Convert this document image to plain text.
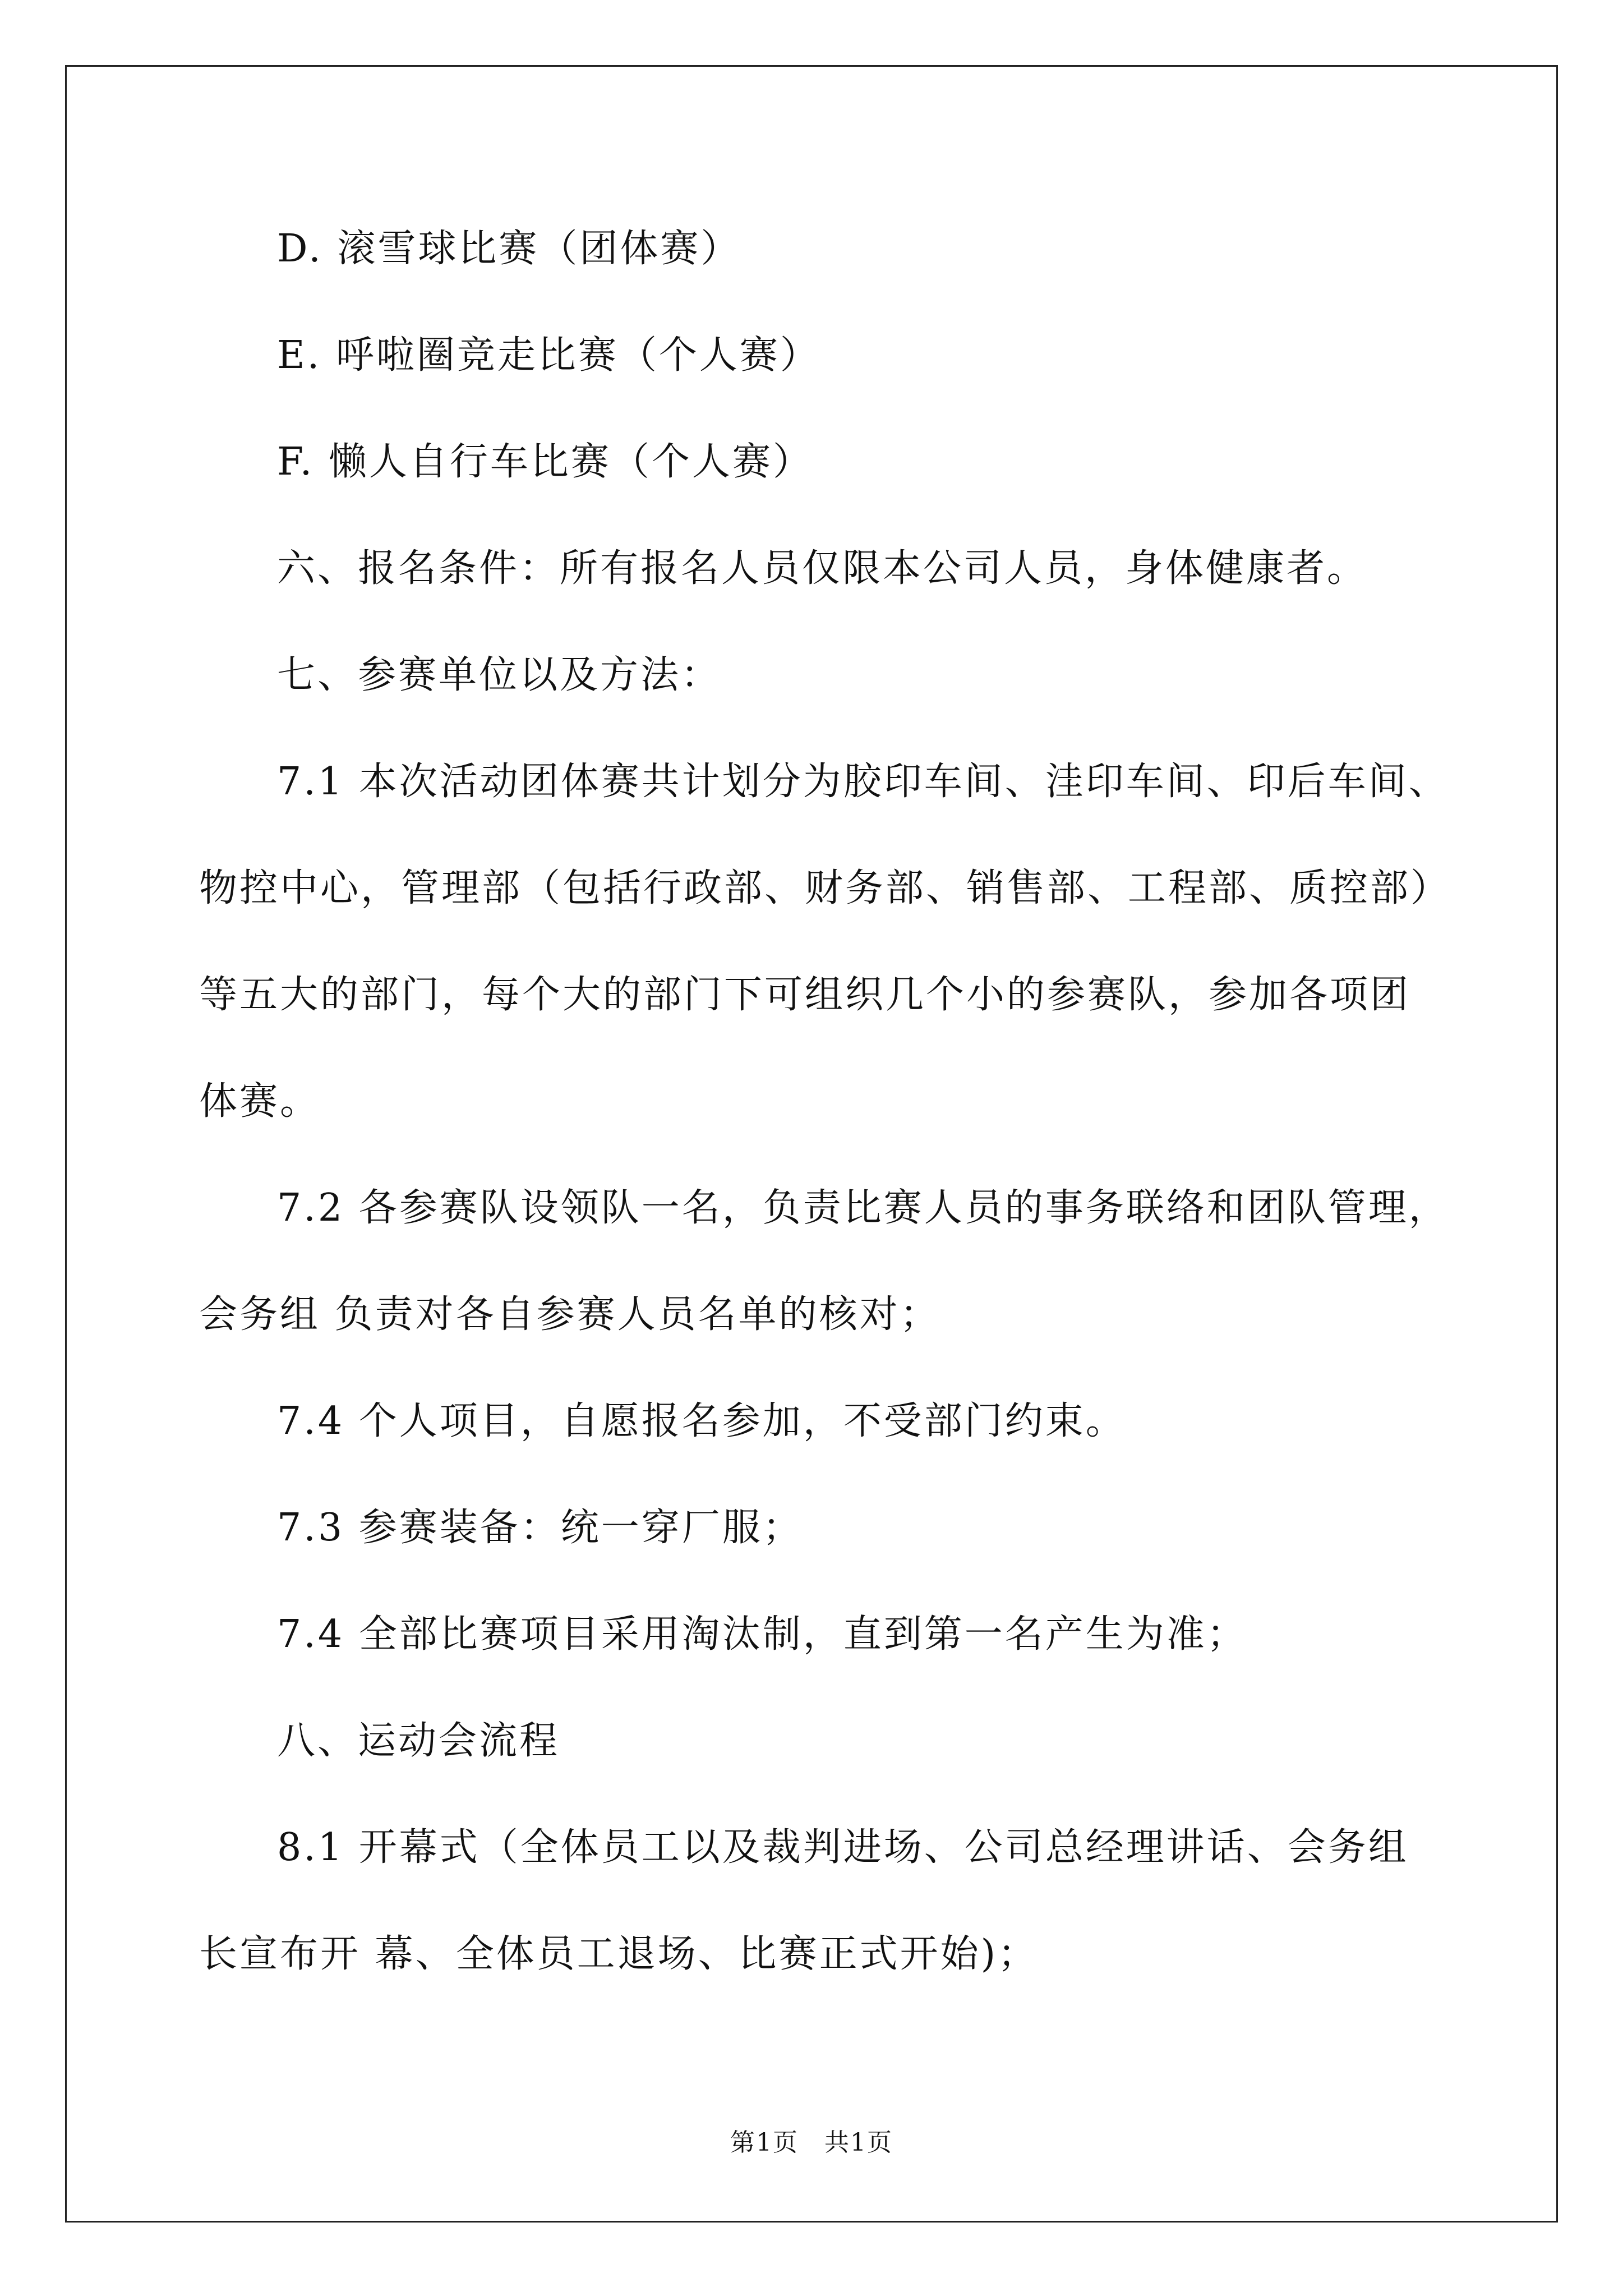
D. 滚雪球比赛（团体赛）

E. 呼啦圈竞走比赛（个人赛）

F. 懒人自行车比赛（个人赛）

六、报名条件：所有报名人员仅限本公司人员，身体健康者。

七、参赛单位以及方法：

7.1 本次活动团体赛共计划分为胶印车间、洼印车间、印后车间、

物控中心，管理部（包括行政部、财务部、销售部、工程部、质控部）

等五大的部门，每个大的部门下可组织几个小的参赛队，参加各项团

体赛。

7.2 各参赛队设领队一名，负责比赛人员的事务联络和团队管理，

会务组 负责对各自参赛人员名单的核对；

7.4 个人项目，自愿报名参加，不受部门约束。

7.3 参赛装备：统一穿厂服；

7.4 全部比赛项目采用淘汰制，直到第一名产生为准；

八、运动会流程

8.1 开幕式（全体员工以及裁判进场、公司总经理讲话、会务组

长宣布开 幕、全体员工退场、比赛正式开始)；

第1页　共1页
